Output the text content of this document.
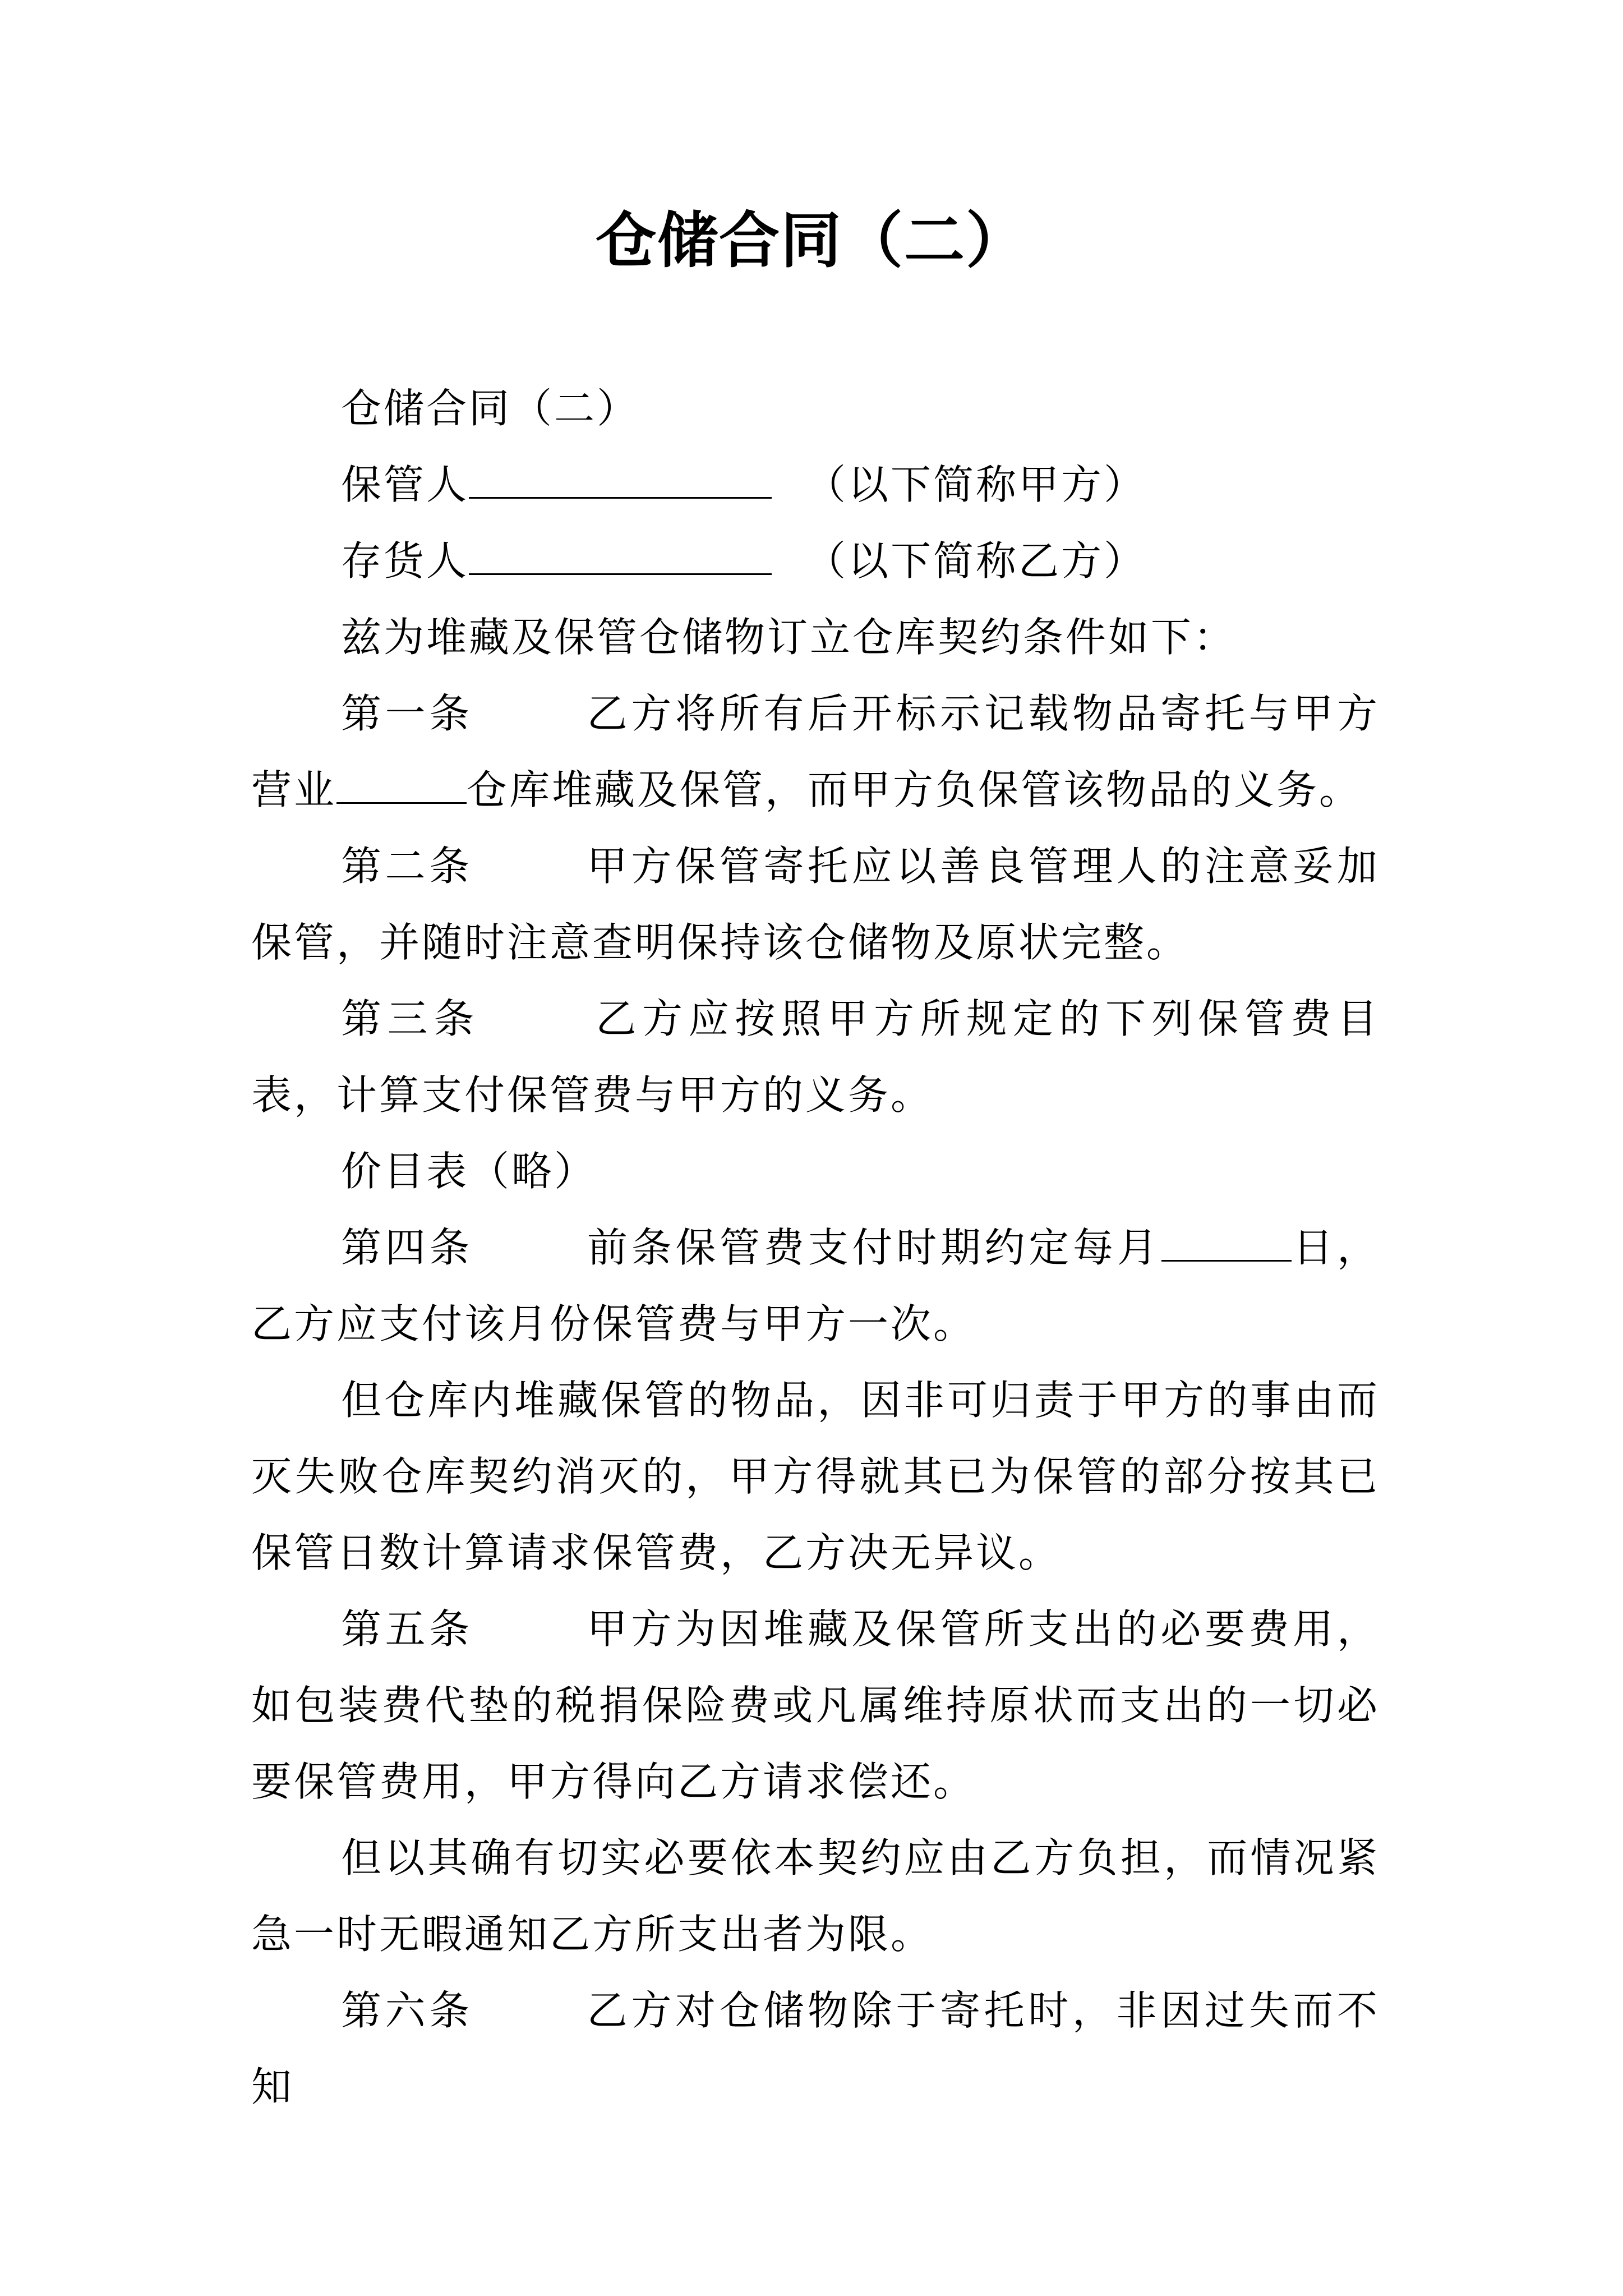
仓储合同（二）

仓储合同（二）

保管人	（以下简称甲方）

存货人	（以下简称乙方）

兹为堆藏及保管仓储物订立仓库契约条件如下：

第一条	乙方将所有后开标示记载物品寄托与甲方营业	仓库堆藏及保管，而甲方负保管该物品的义务。

第二条	甲方保管寄托应以善良管理人的注意妥加保管，并随时注意查明保持该仓储物及原状完整。

第三条	乙方应按照甲方所规定的下列保管费目表，计算支付保管费与甲方的义务。

价目表（略）

第四条	前条保管费支付时期约定每月	日，乙方应支付该月份保管费与甲方一次。

但仓库内堆藏保管的物品，因非可归责于甲方的事由而灭失败仓库契约消灭的，甲方得就其已为保管的部分按其已保管日数计算请求保管费，乙方决无异议。

第五条	甲方为因堆藏及保管所支出的必要费用，如包装费代垫的税捐保险费或凡属维持原状而支出的一切必要保管费用，甲方得向乙方请求偿还。

但以其确有切实必要依本契约应由乙方负担，而情况紧急一时无暇通知乙方所支出者为限。

第六条	乙方对仓储物除于寄托时，非因过失而不知
